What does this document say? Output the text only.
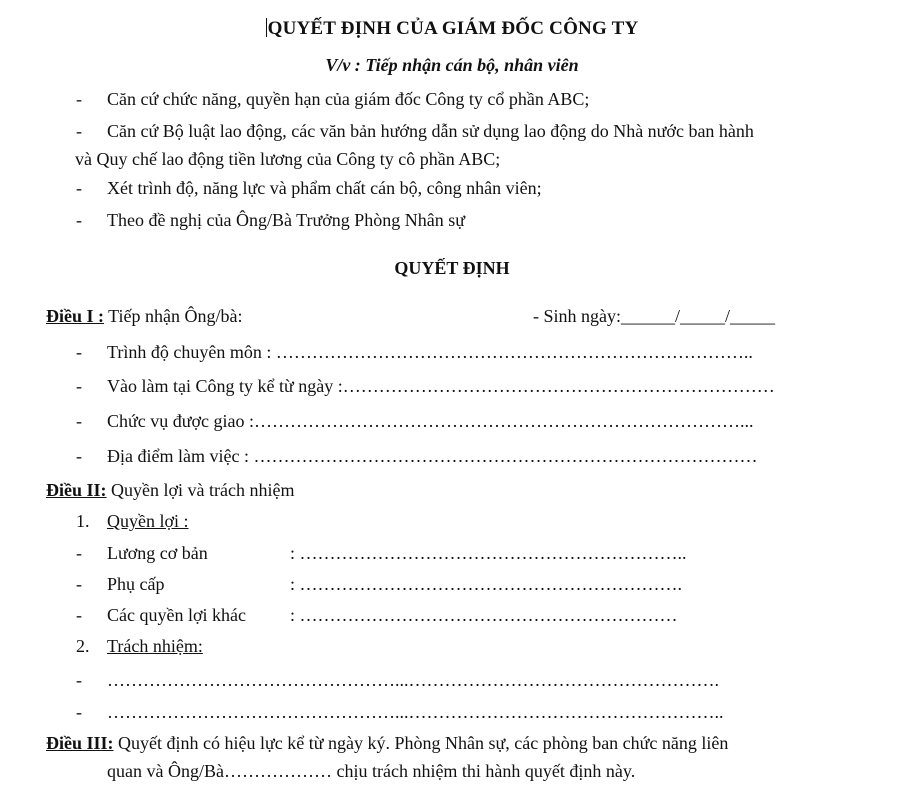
QUYẾT ĐỊNH CỦA GIÁM ĐỐC CÔNG TY
V/v : Tiếp nhận cán bộ, nhân viên
- Căn cứ chức năng, quyền hạn của giám đốc Công ty cổ phần ABC;
- Căn cứ Bộ luật lao động, các văn bản hướng dẫn sử dụng lao động do Nhà nước ban hành
và Quy chế lao động tiền lương của Công ty cô phần ABC;
- Xét trình độ, năng lực và phẩm chất cán bộ, công nhân viên;
- Theo đề nghị của Ông/Bà Trưởng Phòng Nhân sự
QUYẾT ĐỊNH
Điều I : Tiếp nhận Ông/bà:	- Sinh ngày:______/_____/_____
- Trình độ chuyên môn : ……………………………………………………………………..
- Vào làm tại Công ty kể từ ngày :………………………………………………………………
- Chức vụ được giao :………………………………………………………………………...
- Địa điểm làm việc : …………………………………………………………………………
Điều II: Quyền lợi và trách nhiệm
1. Quyền lợi :
- Lương cơ bản	: ………………………………………………………..
- Phụ cấp	: ……………………………………………………….
- Các quyền lợi khác : ………………………………………………………
2. Trách nhiệm:
- …………………………………………...…………………………………………….
- …………………………………………...……………………………………………..
Điều III: Quyết định có hiệu lực kể từ ngày ký. Phòng Nhân sự, các phòng ban chức năng liên
quan và Ông/Bà……………… chịu trách nhiệm thi hành quyết định này.
